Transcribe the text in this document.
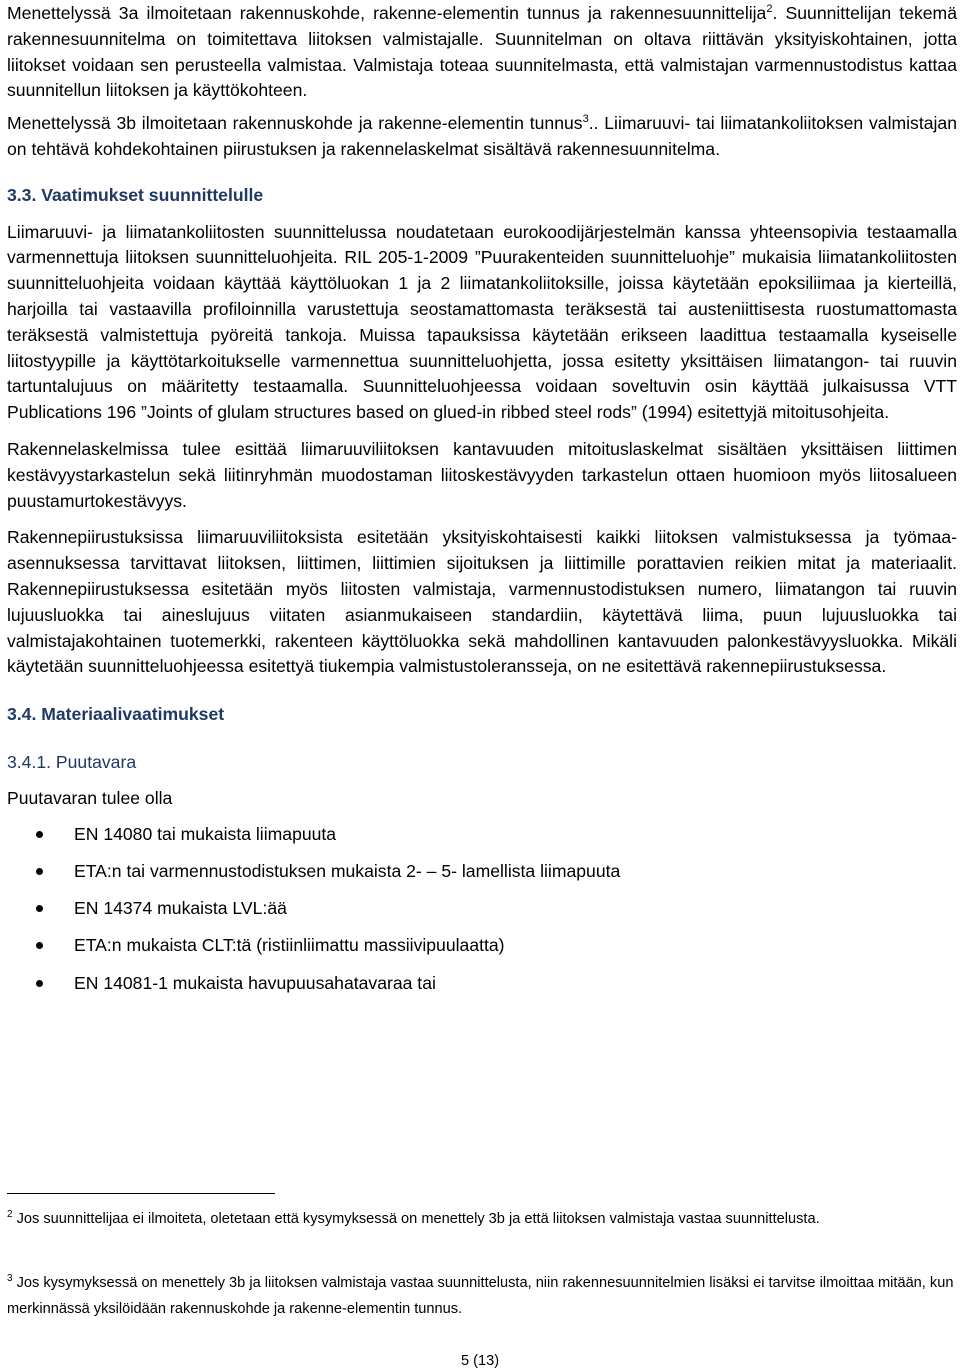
Menettelyssä 3a ilmoitetaan rakennuskohde, rakenne-elementin tunnus ja rakennesuunnittelija$^2$. Suunnittelijan tekemä rakennesuunnitelma on toimitettava liitoksen valmistajalle. Suunnitelman on oltava riittävän yksityiskohtainen, jotta liitokset voidaan sen perusteella valmistaa. Valmistaja toteaa suunnitelmasta, että valmistajan varmennustodistus kattaa suunnitellun liitoksen ja käyttökohteen.

Menettelyssä 3b ilmoitetaan rakennuskohde ja rakenne-elementin tunnus$^3$.. Liimaruuvi- tai liimatankoliitoksen valmistajan on tehtävä kohdekohtainen piirustuksen ja rakennelaskelmat sisältävä rakennesuunnitelma.

3.3. Vaatimukset suunnittelulle

Liimaruuvi- ja liimatankoliitosten suunnittelussa noudatetaan eurokoodijärjestelmän kanssa yhteensopivia testaamalla varmennettuja liitoksen suunnitteluohjeita. RIL 205-1-2009 ”Puurakenteiden suunnitteluohje” mukaisia liimatankoliitosten suunnitteluohjeita voidaan käyttää käyttöluokan 1 ja 2 liimatankoliitoksille, joissa käytetään epoksiliimaa ja kierteillä, harjoilla tai vastaavilla profiloinnilla varustettuja seostamattomasta teräksestä tai austeniittisesta ruostumattomasta teräksestä valmistettuja pyöreitä tankoja. Muissa tapauksissa käytetään erikseen laadittua testaamalla kyseiselle liitostyypille ja käyttötarkoitukselle varmennettua suunnitteluohjetta, jossa esitetty yksittäisen liimatangon- tai ruuvin tartuntalujuus on määritetty testaamalla. Suunnitteluohjeessa voidaan soveltuvin osin käyttää julkaisussa VTT Publications 196 ”Joints of glulam structures based on glued-in ribbed steel rods” (1994) esitettyjä mitoitusohjeita.

Rakennelaskelmissa tulee esittää liimaruuviliitoksen kantavuuden mitoituslaskelmat sisältäen yksittäisen liittimen kestävyystarkastelun sekä liitinryhmän muodostaman liitoskestävyyden tarkastelun ottaen huomioon myös liitosalueen puustamurtokestävyys.

Rakennepiirustuksissa liimaruuviliitoksista esitetään yksityiskohtaisesti kaikki liitoksen valmistuksessa ja työmaa-asennuksessa tarvittavat liitoksen, liittimen, liittimien sijoituksen ja liittimille porattavien reikien mitat ja materiaalit. Rakennepiirustuksessa esitetään myös liitosten valmistaja, varmennustodistuksen numero, liimatangon tai ruuvin lujuusluokka tai aineslujuus viitaten asianmukaiseen standardiin, käytettävä liima, puun lujuusluokka tai valmistajakohtainen tuotemerkki, rakenteen käyttöluokka sekä mahdollinen kantavuuden palonkestävyysluokka. Mikäli käytetään suunnitteluohjeessa esitettyä tiukempia valmistustoleransseja, on ne esitettävä rakennepiirustuksessa.

3.4. Materiaalivaatimukset
3.4.1. Puutavara

Puutavaran tulee olla

EN 14080 tai mukaista liimapuuta
ETA:n tai varmennustodistuksen mukaista 2- – 5- lamellista liimapuuta
EN 14374 mukaista LVL:ää
ETA:n mukaista CLT:tä (ristiinliimattu massiivipuulaatta)
EN 14081-1 mukaista havupuusahatavaraa tai
$^2$ Jos suunnittelijaa ei ilmoiteta, oletetaan että kysymyksessä on menettely 3b ja että liitoksen valmistaja vastaa suunnittelusta.
$^3$ Jos kysymyksessä on menettely 3b ja liitoksen valmistaja vastaa suunnittelusta, niin rakennesuunnitelmien lisäksi ei tarvitse ilmoittaa mitään, kun merkinnässä yksilöidään rakennuskohde ja rakenne-elementin tunnus.
5 (13)
